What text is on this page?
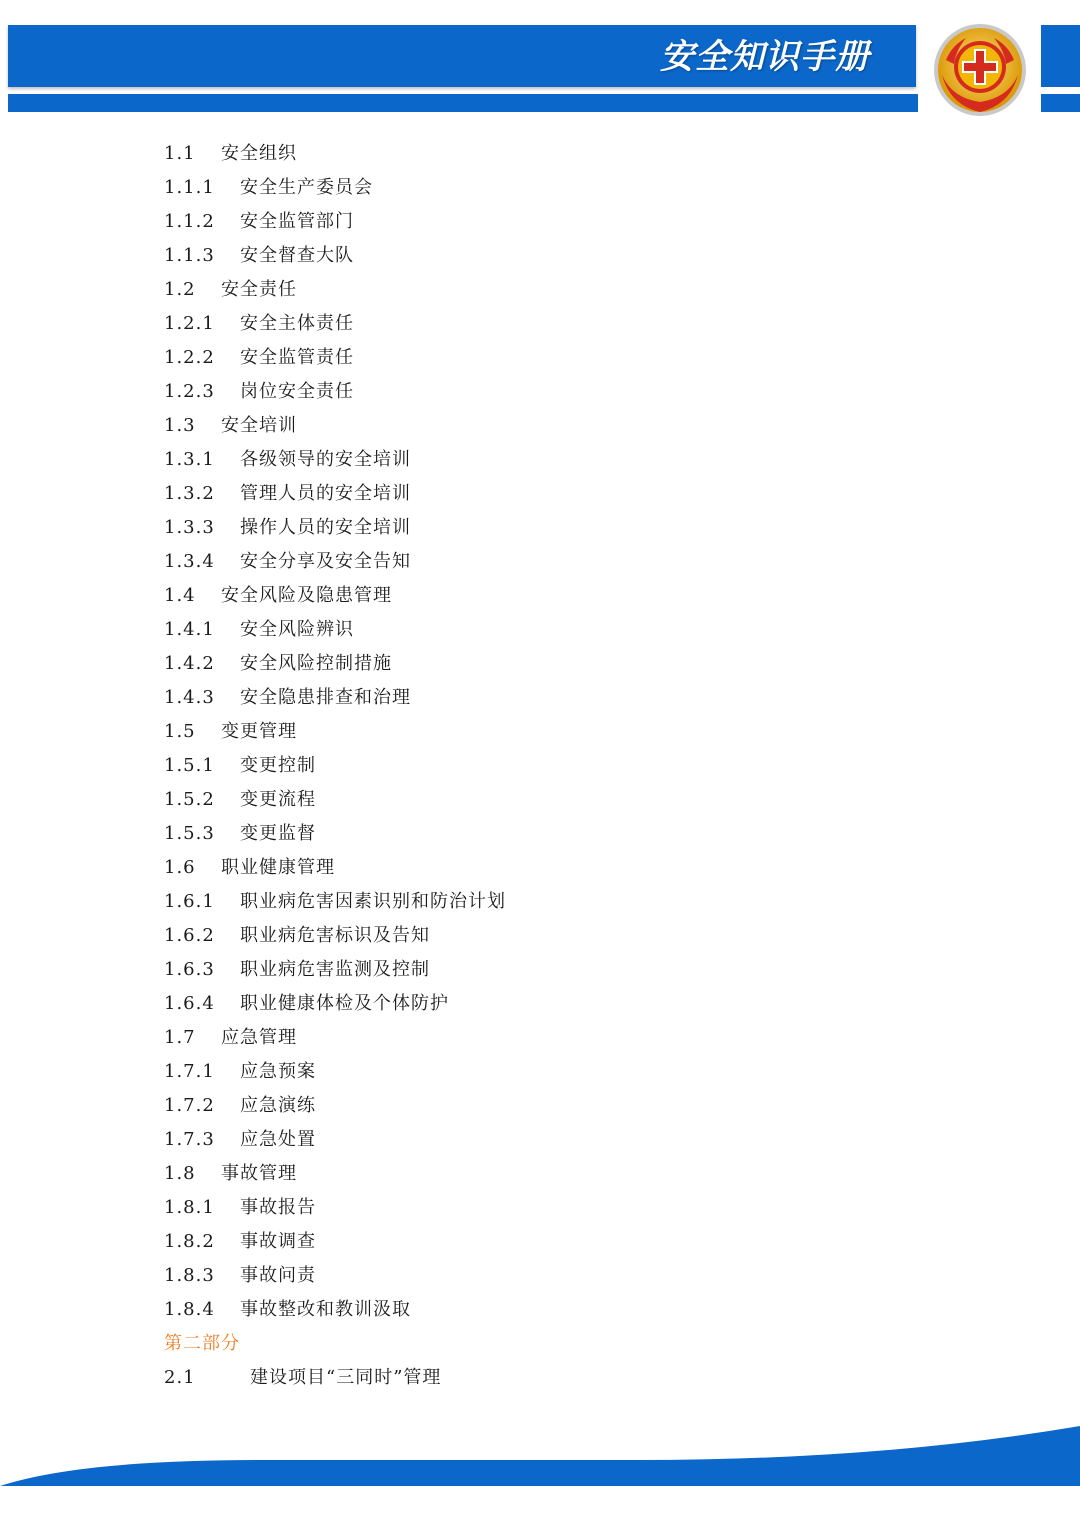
安全知识手册
1.1 安全组织
1.1.1 安全生产委员会
1.1.2 安全监管部门
1.1.3 安全督查大队
1.2 安全责任
1.2.1 安全主体责任
1.2.2 安全监管责任
1.2.3 岗位安全责任
1.3 安全培训
1.3.1 各级领导的安全培训
1.3.2 管理人员的安全培训
1.3.3 操作人员的安全培训
1.3.4 安全分享及安全告知
1.4 安全风险及隐患管理
1.4.1 安全风险辨识
1.4.2 安全风险控制措施
1.4.3 安全隐患排查和治理
1.5 变更管理
1.5.1 变更控制
1.5.2 变更流程
1.5.3 变更监督
1.6 职业健康管理
1.6.1 职业病危害因素识别和防治计划
1.6.2 职业病危害标识及告知
1.6.3 职业病危害监测及控制
1.6.4 职业健康体检及个体防护
1.7 应急管理
1.7.1 应急预案
1.7.2 应急演练
1.7.3 应急处置
1.8 事故管理
1.8.1 事故报告
1.8.2 事故调查
1.8.3 事故问责
1.8.4 事故整改和教训汲取
第二部分
2.1	建设项目“三同时”管理
